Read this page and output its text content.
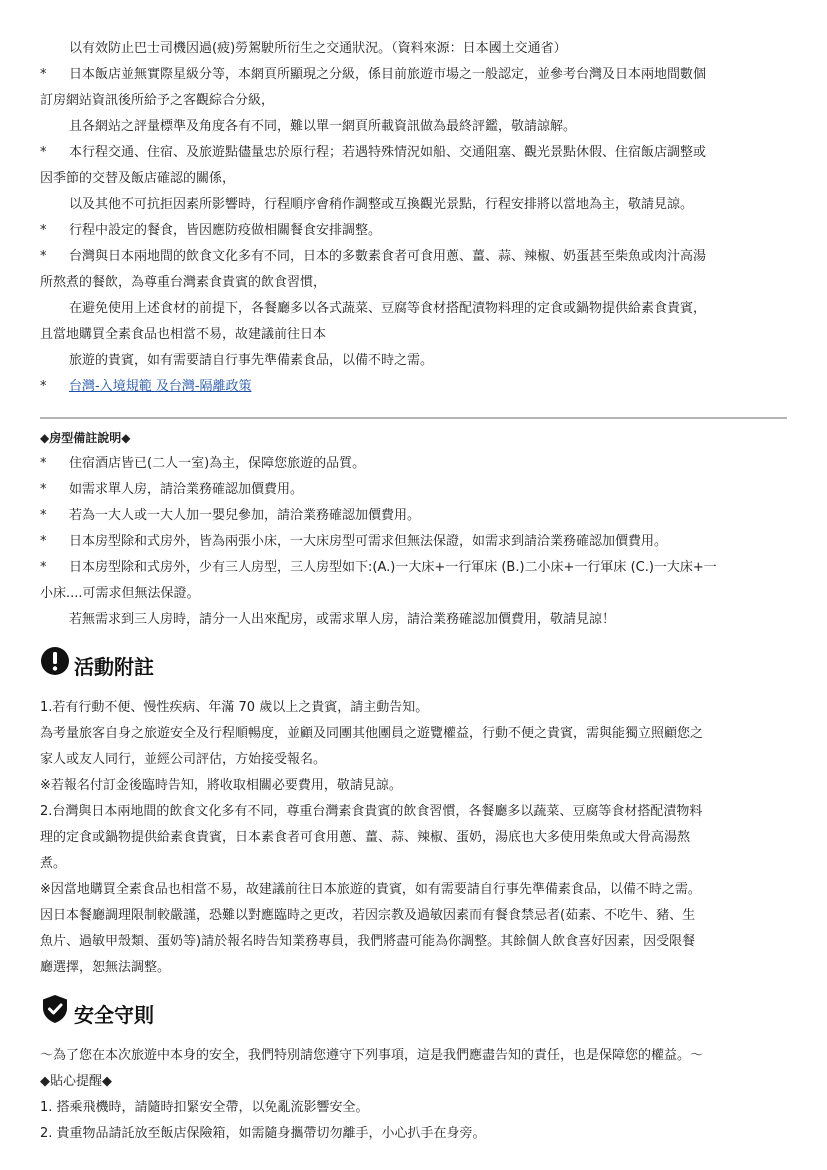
以有效防止巴士司機因過(疲)勞駕駛所衍生之交通狀況。（資料來源：日本國土交通省）
* 日本飯店並無實際星級分等，本網頁所顯現之分級，係目前旅遊市場之一般認定，並參考台灣及日本兩地間數個
訂房網站資訊後所給予之客觀綜合分級，
且各網站之評量標準及角度各有不同，難以單一網頁所載資訊做為最終評鑑，敬請諒解。
* 本行程交通、住宿、及旅遊點儘量忠於原行程；若遇特殊情況如船、交通阻塞、觀光景點休假、住宿飯店調整或
因季節的交替及飯店確認的關係，
以及其他不可抗拒因素所影響時，行程順序會稍作調整或互換觀光景點，行程安排將以當地為主，敬請見諒。
* 行程中設定的餐食，皆因應防疫做相關餐食安排調整。
* 台灣與日本兩地間的飲食文化多有不同，日本的多數素食者可食用蔥、薑、蒜、辣椒、奶蛋甚至柴魚或肉汁高湯
所熬煮的餐飲，為尊重台灣素食貴賓的飲食習慣，
在避免使用上述食材的前提下，各餐廳多以各式蔬菜、豆腐等食材搭配漬物料理的定食或鍋物提供給素食貴賓，
且當地購買全素食品也相當不易，故建議前往日本
旅遊的貴賓，如有需要請自行事先準備素食品，以備不時之需。
* 台灣-入境規範 及台灣-隔離政策
◆房型備註說明◆
* 住宿酒店皆已(二人一室)為主，保障您旅遊的品質。
* 如需求單人房，請洽業務確認加價費用。
* 若為一大人或一大人加一嬰兒參加，請洽業務確認加價費用。
* 日本房型除和式房外，皆為兩張小床，一大床房型可需求但無法保證，如需求到請洽業務確認加價費用。
* 日本房型除和式房外，少有三人房型，三人房型如下:(A.)一大床+一行軍床 (B.)二小床+一行軍床 (C.)一大床+一
小床....可需求但無法保證。
若無需求到三人房時，請分一人出來配房，或需求單人房，請洽業務確認加價費用，敬請見諒！
活動附註
1.若有行動不便、慢性疾病、年滿 70 歲以上之貴賓，請主動告知。
為考量旅客自身之旅遊安全及行程順暢度，並顧及同團其他團員之遊覽權益，行動不便之貴賓，需與能獨立照顧您之
家人或友人同行，並經公司評估，方始接受報名。
※若報名付訂金後臨時告知，將收取相關必要費用，敬請見諒。
2.台灣與日本兩地間的飲食文化多有不同，尊重台灣素食貴賓的飲食習慣，各餐廳多以蔬菜、豆腐等食材搭配漬物料
理的定食或鍋物提供給素食貴賓，日本素食者可食用蔥、薑、蒜、辣椒、蛋奶，湯底也大多使用柴魚或大骨高湯熬
煮。
※因當地購買全素食品也相當不易，故建議前往日本旅遊的貴賓，如有需要請自行事先準備素食品，以備不時之需。
因日本餐廳調理限制較嚴謹，恐難以對應臨時之更改，若因宗教及過敏因素而有餐食禁忌者(茹素、不吃牛、豬、生
魚片、過敏甲殼類、蛋奶等)請於報名時告知業務專員，我們將盡可能為你調整。其餘個人飲食喜好因素，因受限餐
廳選擇，恕無法調整。
安全守則
～為了您在本次旅遊中本身的安全，我們特別請您遵守下列事項，這是我們應盡告知的責任，也是保障您的權益。～
◆貼心提醒◆
1. 搭乘飛機時，請隨時扣緊安全帶，以免亂流影響安全。
2. 貴重物品請託放至飯店保險箱，如需隨身攜帶切勿離手，小心扒手在身旁。
